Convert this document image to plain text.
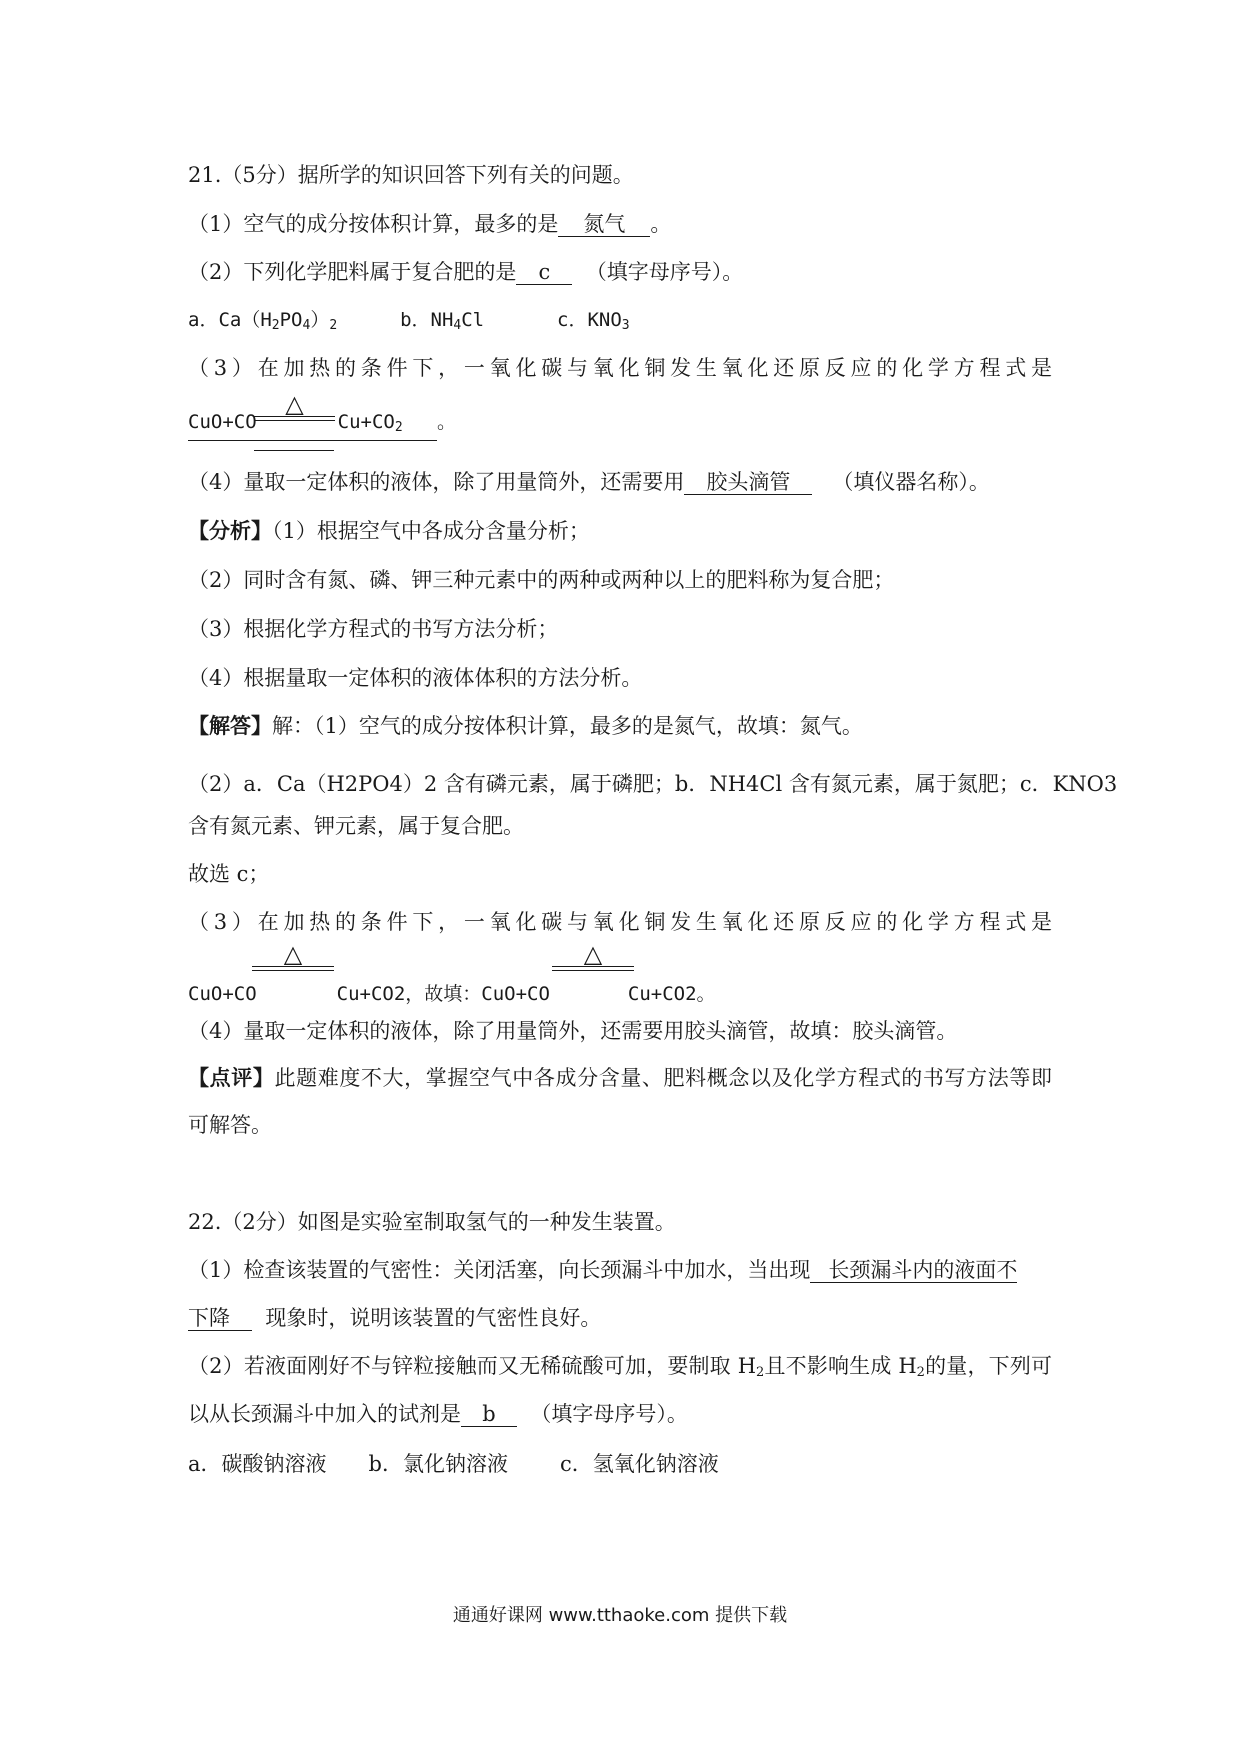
21.（5分）据所学的知识回答下列有关的问题。
（1）空气的成分按体积计算，最多的是 氮气 。
（2）下列化学肥料属于复合肥的是 c （填字母序号）。
a．$Ca(H_2PO_4)_2$	b．$NH_4Cl$	c．$KNO_3$
（3）在加热的条件下，一氧化碳与氧化铜发生氧化还原反应的化学方程式是
CuO+CO	$Cu+CO_2$ 。
△
（4）量取一定体积的液体，除了用量筒外，还需要用 胶头滴管 （填仪器名称）。
【分析】（1）根据空气中各成分含量分析；
（2）同时含有氮、磷、钾三种元素中的两种或两种以上的肥料称为复合肥；
（3）根据化学方程式的书写方法分析；
（4）根据量取一定体积的液体体积的方法分析。
【解答】解：（1）空气的成分按体积计算，最多的是氮气，故填：氮气。
（2）a．Ca（H2PO4）2 含有磷元素，属于磷肥；b．NH4Cl 含有氮元素，属于氮肥；c．KNO3
含有氮元素、钾元素，属于复合肥。
故选 c；
（3）在加热的条件下，一氧化碳与氧化铜发生氧化还原反应的化学方程式是
△	△
CuO+CO	Cu+CO2，故填：CuO+CO	Cu+CO2。
（4）量取一定体积的液体，除了用量筒外，还需要用胶头滴管，故填：胶头滴管。
【点评】此题难度不大，掌握空气中各成分含量、肥料概念以及化学方程式的书写方法等即
可解答。
22.（2分）如图是实验室制取氢气的一种发生装置。
（1）检查该装置的气密性：关闭活塞，向长颈漏斗中加水，当出现 长颈漏斗内的液面不
下降 现象时，说明该装置的气密性良好。
（2）若液面刚好不与锌粒接触而又无稀硫酸可加，要制取 $H_2$且不影响生成 $H_2$的量，下列可
以从长颈漏斗中加入的试剂是 b （填字母序号）。
a．碳酸钠溶液 b．氯化钠溶液 c．氢氧化钠溶液
通通好课网 www.tthaoke.com 提供下载
